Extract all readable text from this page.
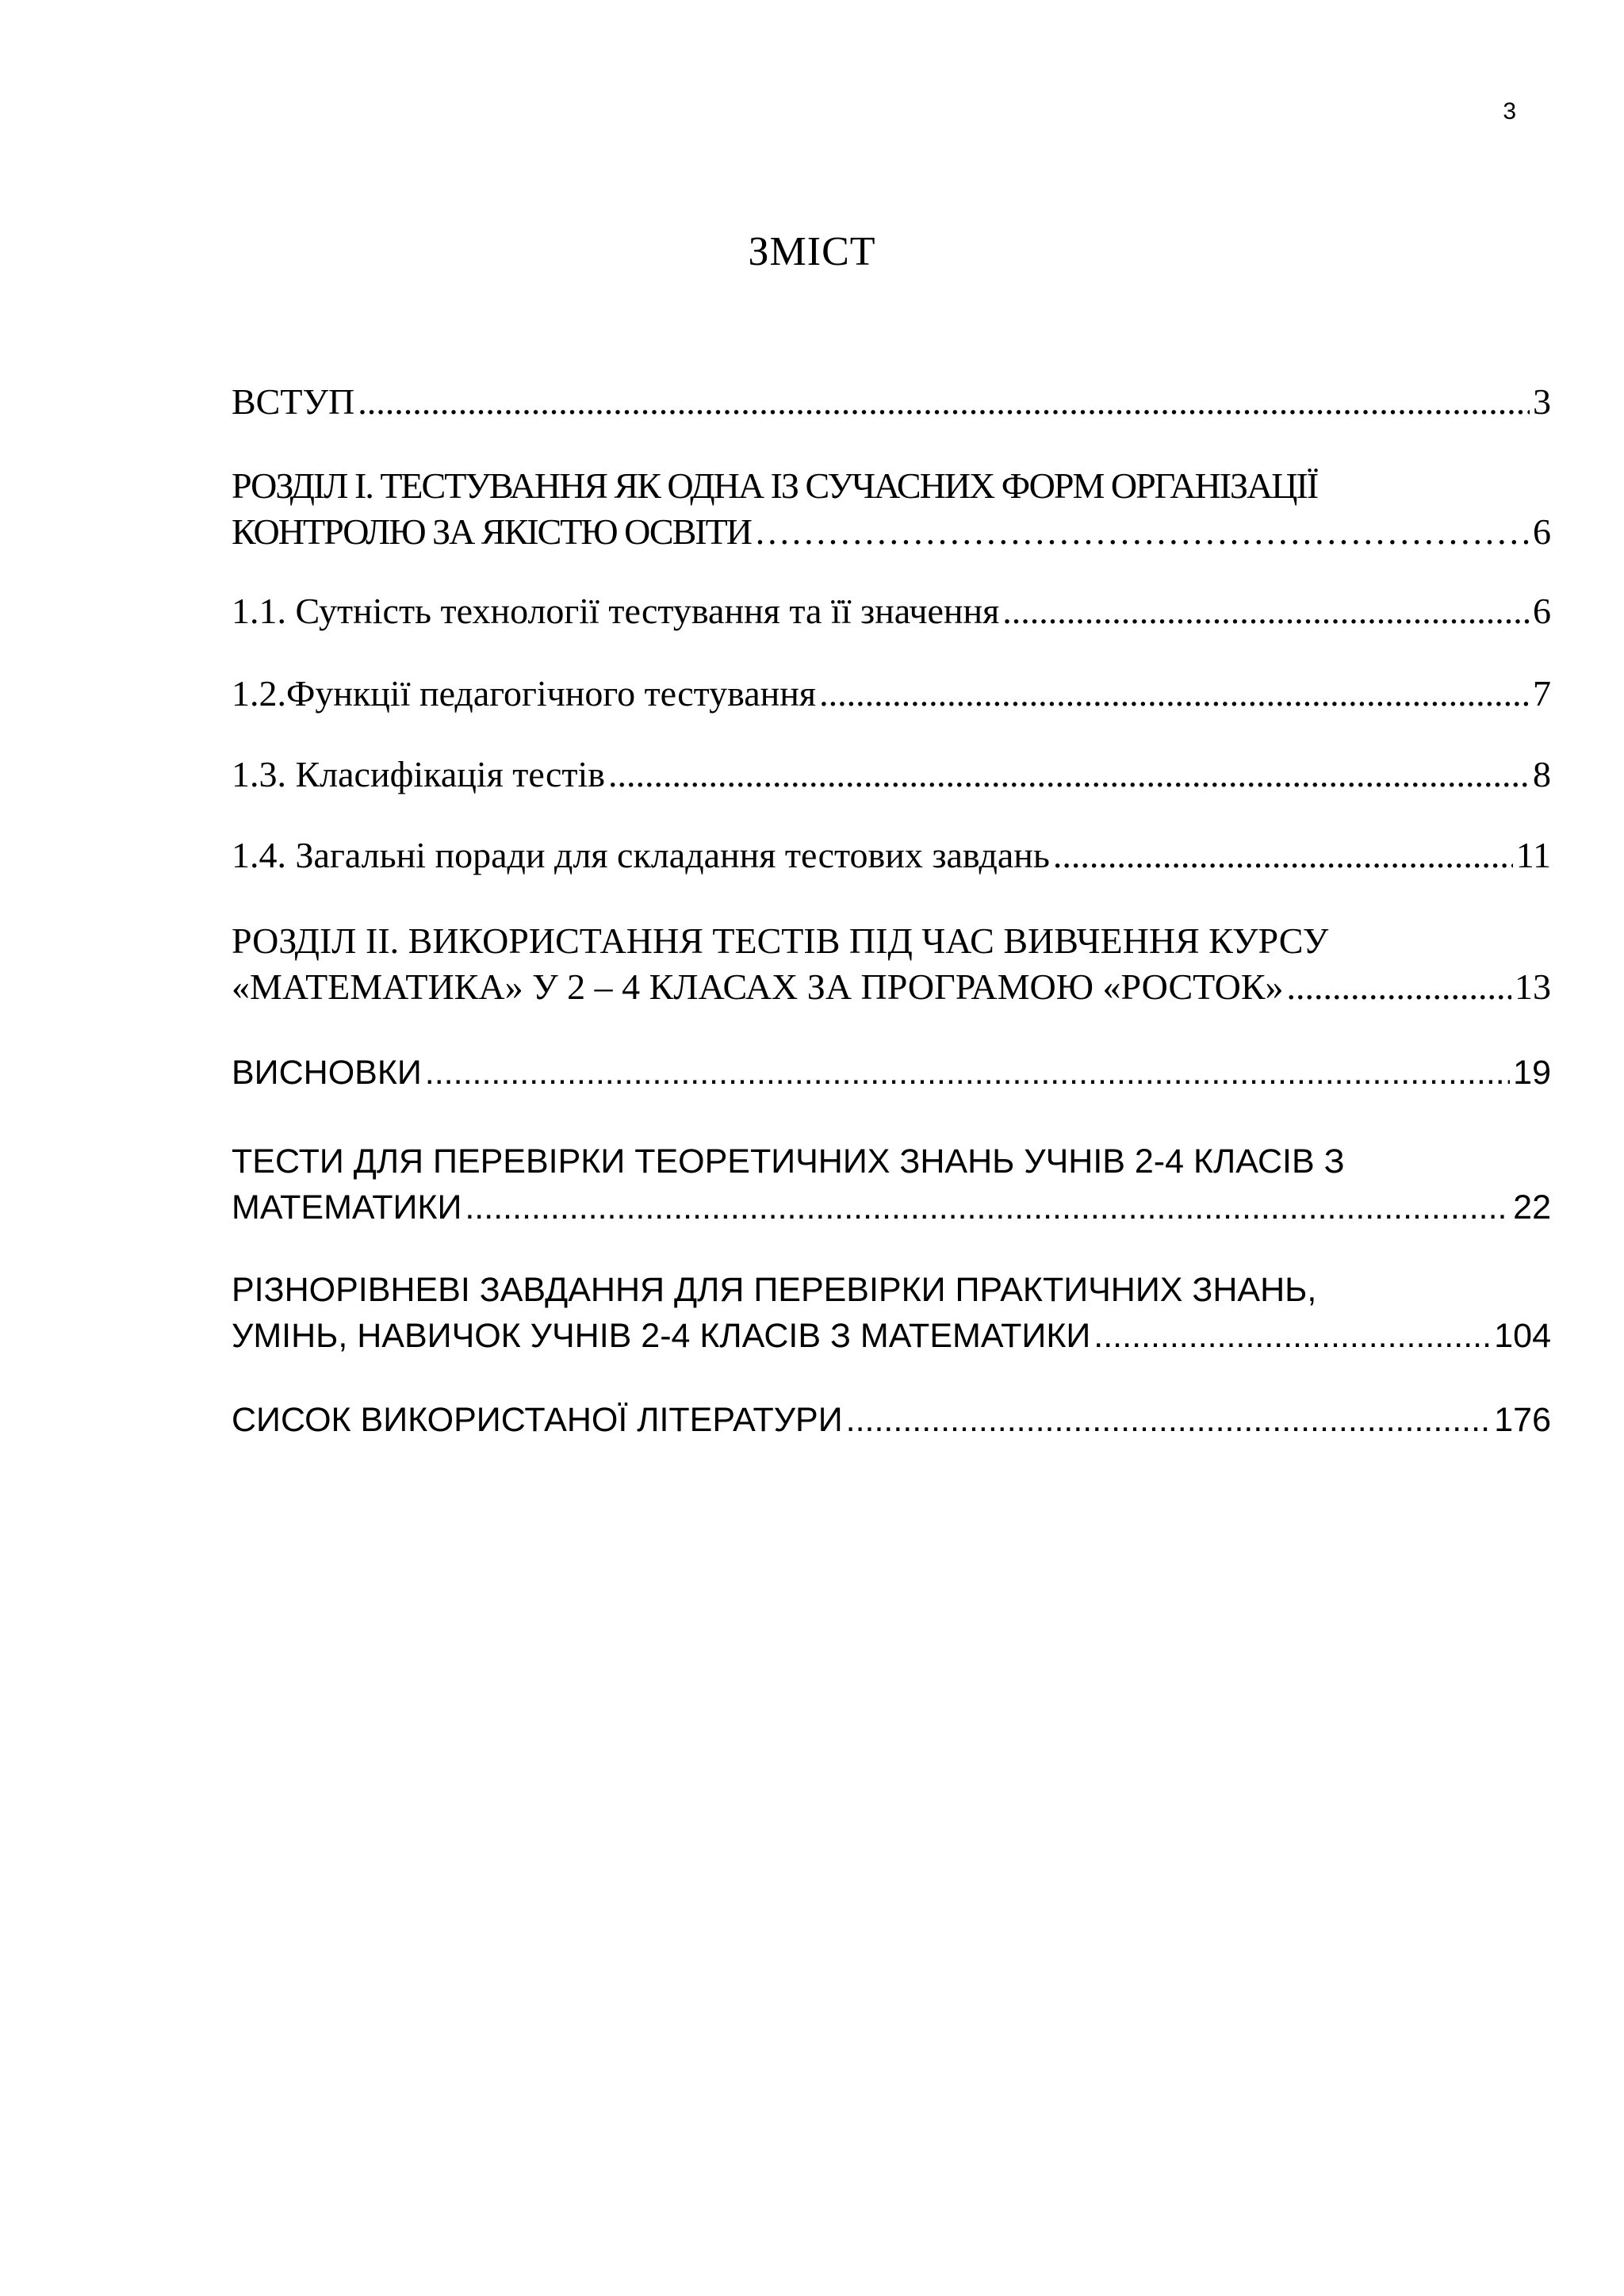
3
ЗМІСТ
ВСТУП .....	3
РОЗДІЛ І. ТЕСТУВАННЯ ЯК ОДНА ІЗ СУЧАСНИХ ФОРМ ОРГАНІЗАЦІЇ
КОНТРОЛЮ ЗА ЯКІСТЮ ОСВІТИ …………………………………………………………………………………………………………………………………………………………………………………………	6
1.1. Сутність технології тестування та її значення .....	6
1.2.Функції педагогічного тестування .....	7
1.3. Класифікація тестів .....	8
1.4. Загальні поради для складання тестових завдань .....	11
РОЗДІЛ ІІ. ВИКОРИСТАННЯ ТЕСТІВ ПІД ЧАС ВИВЧЕННЯ КУРСУ
«МАТЕМАТИКА» У 2 – 4 КЛАСАХ ЗА ПРОГРАМОЮ «РОСТОК» .....	13
ВИСНОВКИ .....	19
ТЕСТИ ДЛЯ ПЕРЕВІРКИ ТЕОРЕТИЧНИХ ЗНАНЬ УЧНІВ 2-4 КЛАСІВ З
МАТЕМАТИКИ .....	22
РІЗНОРІВНЕВІ ЗАВДАННЯ ДЛЯ ПЕРЕВІРКИ ПРАКТИЧНИХ ЗНАНЬ,
УМІНЬ, НАВИЧОК УЧНІВ 2-4 КЛАСІВ З МАТЕМАТИКИ .....	104
СИСОК ВИКОРИСТАНОЇ ЛІТЕРАТУРИ .....	176
